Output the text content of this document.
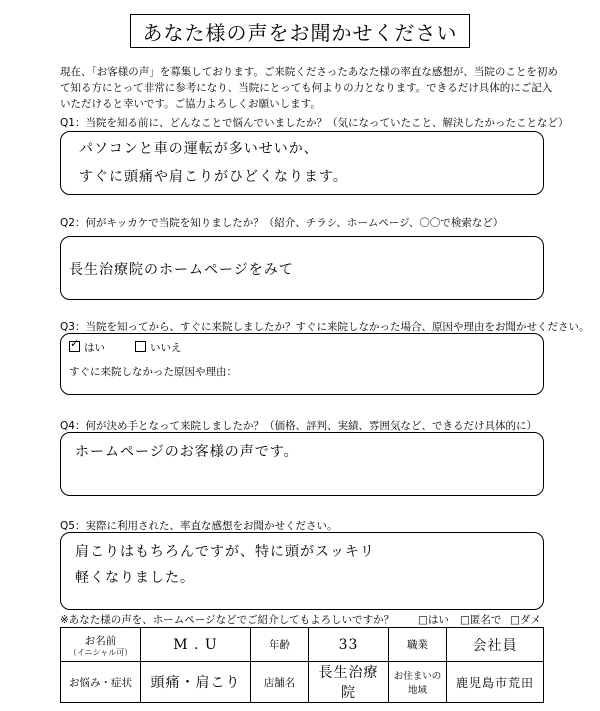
あなた様の声をお聞かせください
現在、「お客様の声」を募集しております。ご来院くださったあなた様の率直な感想が、当院のことを初めて知る方にとって非常に参考になり、当院にとっても何よりの力となります。できるだけ具体的にご記入いただけると幸いです。ご協力よろしくお願いします。
Q1：当院を知る前に、どんなことで悩んでいましたか？（気になっていたこと、解決したかったことなど）
パソコンと車の運転が多いせいか、
すぐに頭痛や肩こりがひどくなります。
Q2：何がキッカケで当院を知りましたか？（紹介、チラシ、ホームページ、〇〇で検索など）
長生治療院のホームページをみて
Q3：当院を知ってから、すぐに来院しましたか？すぐに来院しなかった場合、原因や理由をお聞かせください。
✓はい	いいえ
すぐに来院しなかった原因や理由：
Q4：何が決め手となって来院しましたか？（価格、評判、実績、雰囲気など、できるだけ具体的に）
ホームページのお客様の声です。
Q5：実際に利用された、率直な感想をお聞かせください。
肩こりはもちろんですが、特に頭がスッキリ
軽くなりました。
※あなた様の声を、ホームページなどでご紹介してもよろしいですか？ □はい □匿名で □ダメ
お名前
（イニシャル可）	M . U	年齢	33	職業	会社員
お悩み・症状	頭痛・肩こり	店舗名	長生治療院	お住まいの地域	鹿児島市荒田
